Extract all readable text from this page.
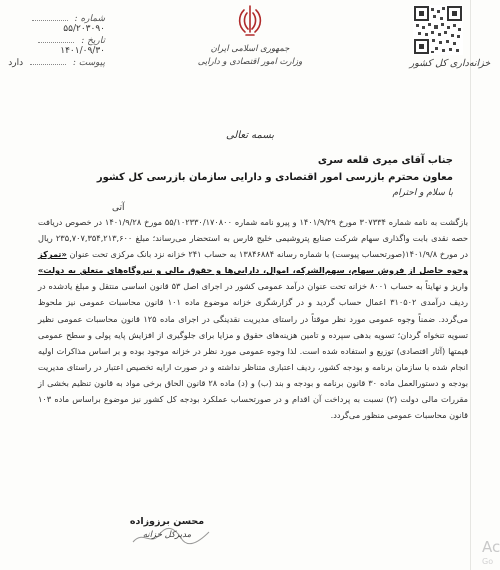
خزانه‌داری کل کشور
جمهوری اسلامی ایران
وزارت امور اقتصادی و دارایی
شماره :  ۵۵/۲۰۳۰۹۰
تاریخ :  ۱۴۰۱/۰۹/۳۰
پیوست :  دارد
بسمه تعالی
جناب آقای میری قلعه سری
معاون محترم بازرسی امور اقتصادی و دارایی سازمان بازرسی کل کشور
با سلام و احترام
آتی
بازگشت به نامه شماره ۳۰۷۳۳۴ مورخ ۱۴۰۱/۹/۲۹ و پیرو نامه شماره ۵۵/۱۰۲۳۳۰/۱۷۰۸۰۰ مورخ ۱۴۰۱/۹/۲۸ در خصوص دریافت حصه نقدی بابت واگذاری سهام شرکت صنایع پتروشیمی خلیج فارس به استحضار می‌رساند؛ مبلغ ۲۳۵,۷۰۷,۳۵۴,۲۱۳,۶۰۰ ریال در مورخ ۱۴۰۱/۹/۸(صورتحساب پیوست) با شماره رسانه ۱۳۸۴۶۸۸۴ به حساب ۲۴۱ خزانه نزد بانک مرکزی تحت عنوان «تمرکز وجوه حاصل از فروش سهام، سهم‌الشرکه، اموال، دارایی‌ها و حقوق مالی و نیروگاه‌های متعلق به دولت» واریز و نهایتاً به حساب ۸۰۰۱ خزانه تحت عنوان درآمد عمومی کشور در اجرای اصل ۵۳ قانون اساسی منتقل و مبلغ یادشده در ردیف درآمدی ۳۱۰۵۰۲ اعمال حساب گردید و در گزارشگری خزانه موضوع ماده ۱۰۱ قانون محاسبات عمومی نیز ملحوظ می‌گردد. ضمناً وجوه عمومی مورد نظر موقتاً در راستای مدیریت نقدینگی در اجرای ماده ۱۲۵ قانون محاسبات عمومی نظیر تسویه تنخواه گردان؛ تسویه بدهی سپرده و تامین هزینه‌های حقوق و مزایا برای جلوگیری از افزایش پایه پولی و سطح عمومی قیمتها (آثار اقتصادی) توزیع و استفاده شده است. لذا وجوه عمومی مورد نظر در خزانه موجود بوده و بر اساس مذاکرات اولیه انجام شده با سازمان برنامه و بودجه کشور، ردیف اعتباری متناظر نداشته و در صورت ارایه تخصیص اعتبار در راستای مدیریت بودجه و دستورالعمل ماده ۳۰ قانون برنامه و بودجه و بند (ب) و (د) ماده ۲۸ قانون الحاق برخی مواد به قانون تنظیم بخشی از مقررات مالی دولت (۲) نسبت به پرداخت آن اقدام و در صورتحساب عملکرد بودجه کل کشور نیز موضوع براساس ماده ۱۰۳ قانون محاسبات عمومی منظور می‌گردد.
محسن برزوزاده
مدیرکل خزانه
Ac
Go
